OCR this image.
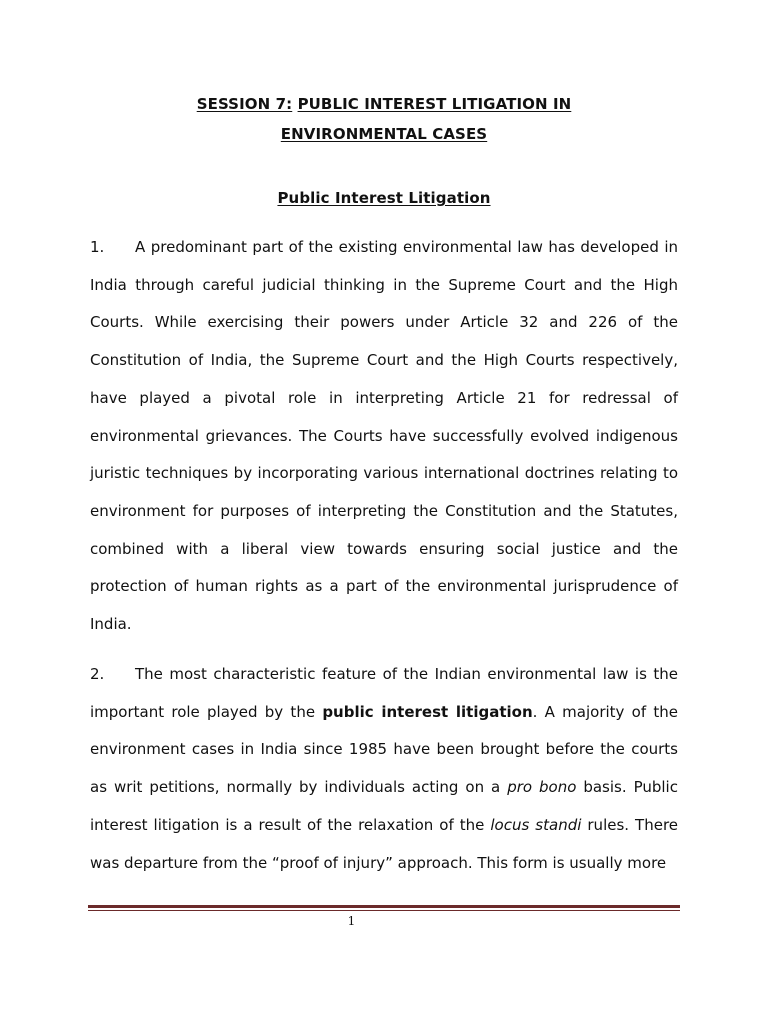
SESSION 7: PUBLIC INTEREST LITIGATION IN
ENVIRONMENTAL CASES
Public Interest Litigation

1. A predominant part of the existing environmental law has developed in India through careful judicial thinking in the Supreme Court and the High Courts. While exercising their powers under Article 32 and 226 of the Constitution of India, the Supreme Court and the High Courts respectively, have played a pivotal role in interpreting Article 21 for redressal of environmental grievances. The Courts have successfully evolved indigenous juristic techniques by incorporating various international doctrines relating to environment for purposes of interpreting the Constitution and the Statutes, combined with a liberal view towards ensuring social justice and the protection of human rights as a part of the environmental jurisprudence of India.

2. The most characteristic feature of the Indian environmental law is the important role played by the public interest litigation. A majority of the environment cases in India since 1985 have been brought before the courts as writ petitions, normally by individuals acting on a pro bono basis. Public interest litigation is a result of the relaxation of the locus standi rules. There was departure from the “proof of injury” approach. This form is usually more

1
